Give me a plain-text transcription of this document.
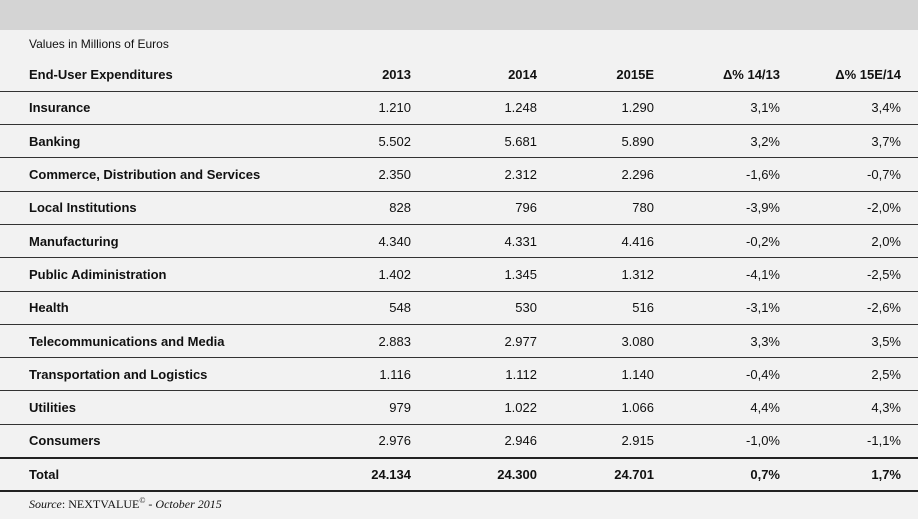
Values in Millions of Euros
End-User Expenditures	2013	2014	2015E	Δ% 14/13	Δ% 15E/14
Insurance	1.210	1.248	1.290	3,1%	3,4%
Banking	5.502	5.681	5.890	3,2%	3,7%
Commerce, Distribution and Services	2.350	2.312	2.296	-1,6%	-0,7%
Local Institutions	828	796	780	-3,9%	-2,0%
Manufacturing	4.340	4.331	4.416	-0,2%	2,0%
Public Adiministration	1.402	1.345	1.312	-4,1%	-2,5%
Health	548	530	516	-3,1%	-2,6%
Telecommunications and Media	2.883	2.977	3.080	3,3%	3,5%
Transportation and Logistics	1.116	1.112	1.140	-0,4%	2,5%
Utilities	979	1.022	1.066	4,4%	4,3%
Consumers	2.976	2.946	2.915	-1,0%	-1,1%
Total	24.134	24.300	24.701	0,7%	1,7%
Source: NEXTVALUE© - October 2015
